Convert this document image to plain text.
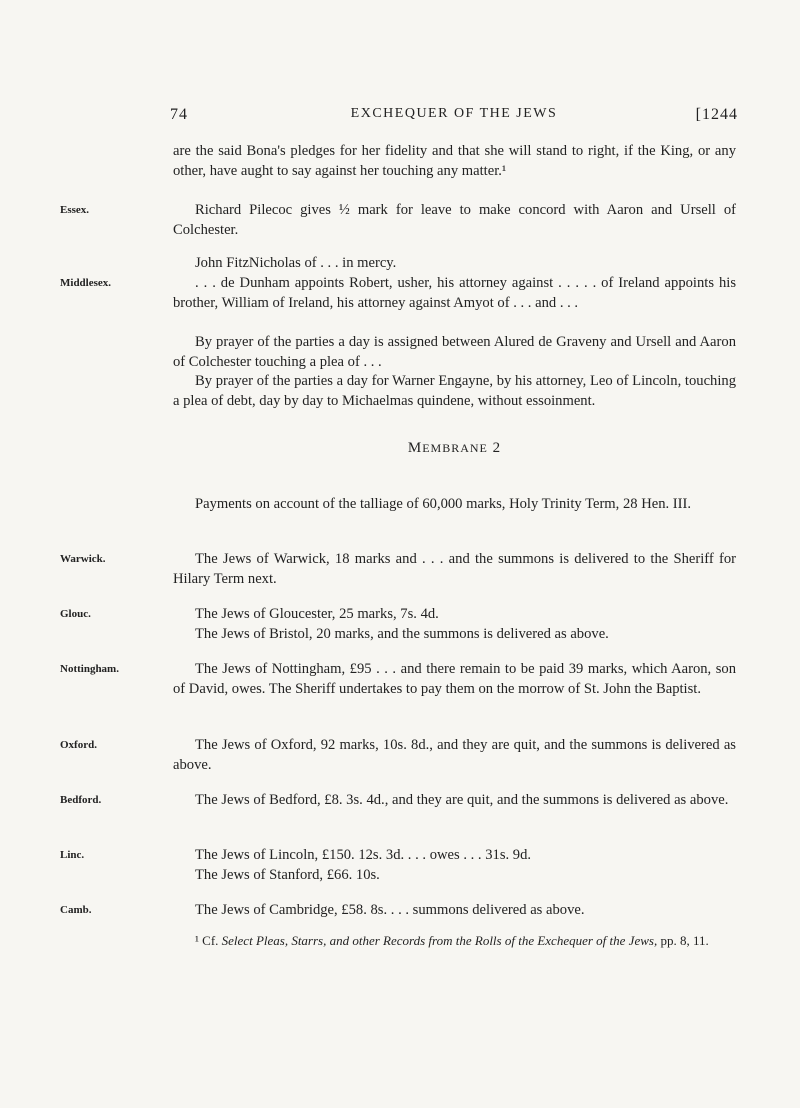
74	EXCHEQUER OF THE JEWS	[1244
are the said Bona's pledges for her fidelity and that she will stand to right, if the King, or any other, have aught to say against her touching any matter.¹
Essex.	Richard Pilecoc gives ½ mark for leave to make concord with Aaron and Ursell of Colchester.
John FitzNicholas of . . . in mercy.
Middlesex.	. . . de Dunham appoints Robert, usher, his attorney against . . . . . of Ireland appoints his brother, William of Ireland, his attorney against Amyot of . . . and . . .
By prayer of the parties a day is assigned between Alured de Graveny and Ursell and Aaron of Colchester touching a plea of . . .
By prayer of the parties a day for Warner Engayne, by his attorney, Leo of Lincoln, touching a plea of debt, day by day to Michaelmas quindene, without essoinment.
MEMBRANE 2
Payments on account of the talliage of 60,000 marks, Holy Trinity Term, 28 Hen. III.
Warwick.	The Jews of Warwick, 18 marks and . . . and the summons is delivered to the Sheriff for Hilary Term next.
Glouc.	The Jews of Gloucester, 25 marks, 7s. 4d.
The Jews of Bristol, 20 marks, and the summons is delivered as above.
Nottingham.	The Jews of Nottingham, £95 . . . and there remain to be paid 39 marks, which Aaron, son of David, owes. The Sheriff undertakes to pay them on the morrow of St. John the Baptist.
Oxford.	The Jews of Oxford, 92 marks, 10s. 8d., and they are quit, and the summons is delivered as above.
Bedford.	The Jews of Bedford, £8. 3s. 4d., and they are quit, and the summons is delivered as above.
Linc.	The Jews of Lincoln, £150. 12s. 3d. . . . owes . . . 31s. 9d.
The Jews of Stanford, £66. 10s.
Camb.	The Jews of Cambridge, £58. 8s. . . . summons delivered as above.
¹ Cf. Select Pleas, Starrs, and other Records from the Rolls of the Exchequer of the Jews, pp. 8, 11.
